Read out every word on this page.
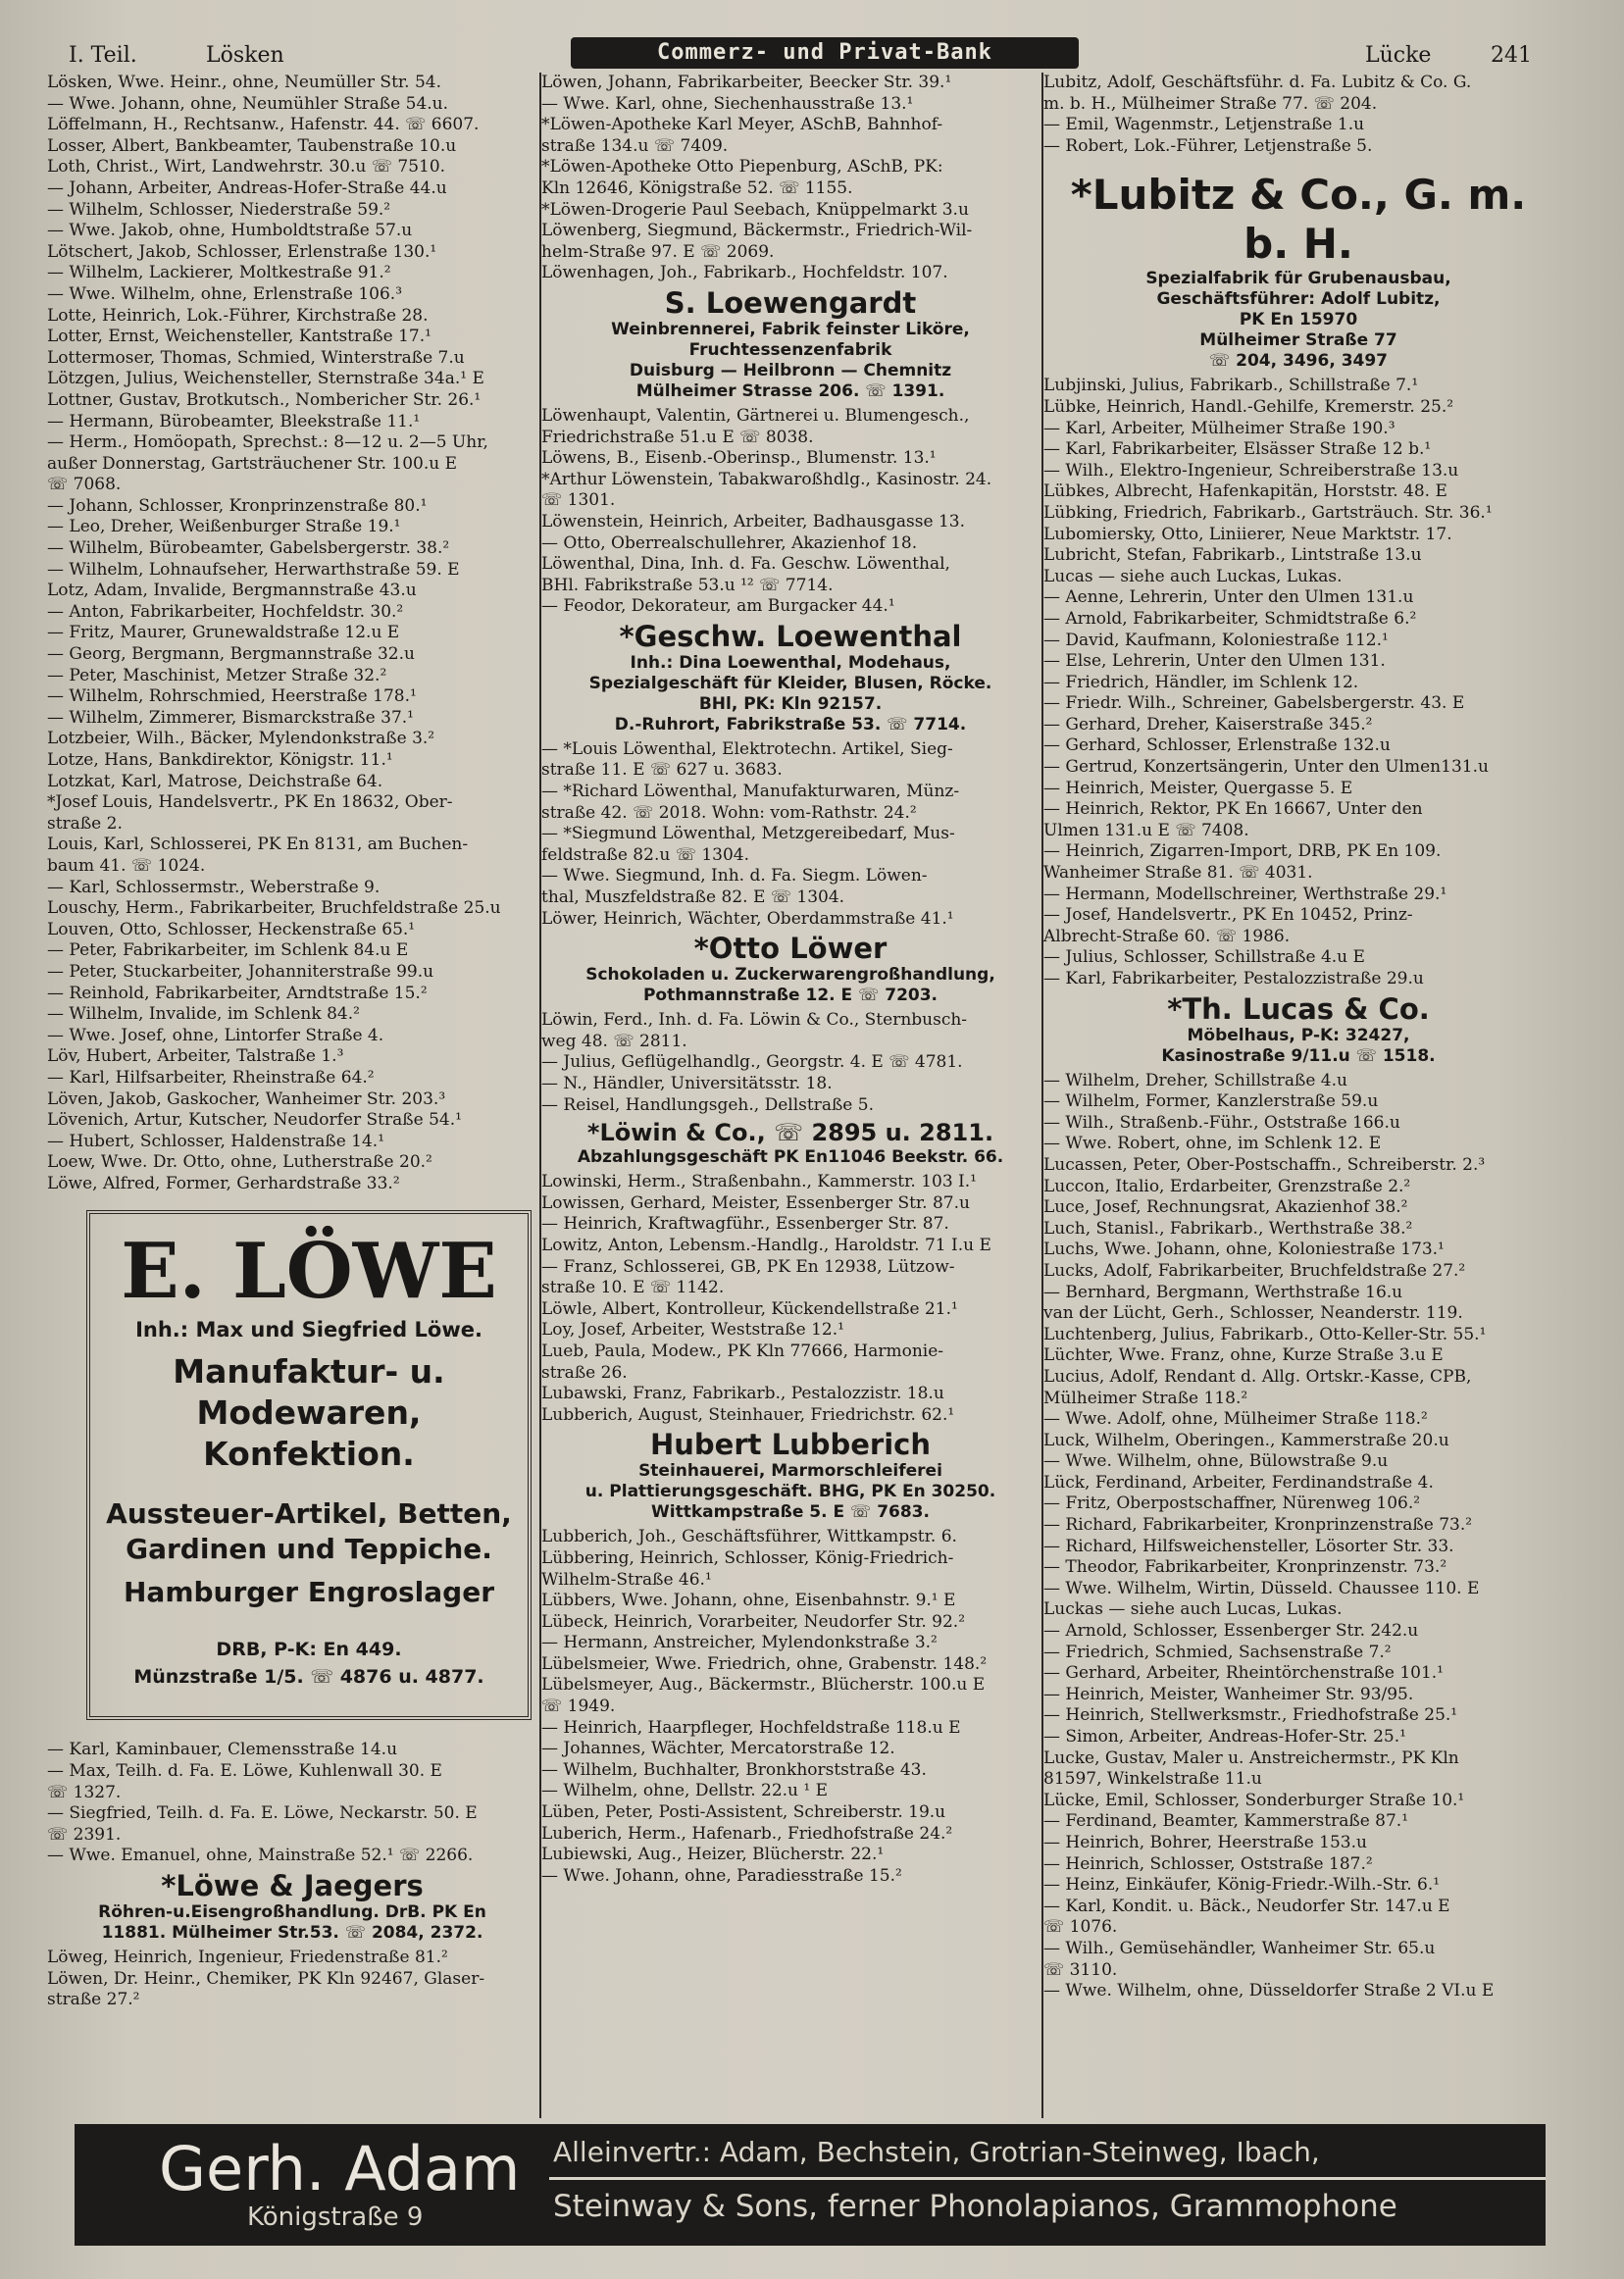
I. Teil.	Lösken	Commerz- und Privat-Bank	Lücke	241
Lösken, Wwe. Heinr., ohne, Neumüller Str. 54.
— Wwe. Johann, ohne, Neumühler Straße 54.u.
Löffelmann, H., Rechtsanw., Hafenstr. 44. ☏ 6607.
Losser, Albert, Bankbeamter, Taubenstraße 10.u
Loth, Christ., Wirt, Landwehrstr. 30.u ☏ 7510.
— Johann, Arbeiter, Andreas-Hofer-Straße 44.u
— Wilhelm, Schlosser, Niederstraße 59.²
— Wwe. Jakob, ohne, Humboldtstraße 57.u
Lötschert, Jakob, Schlosser, Erlenstraße 130.¹
— Wilhelm, Lackierer, Moltkestraße 91.²
— Wwe. Wilhelm, ohne, Erlenstraße 106.³
Lotte, Heinrich, Lok.-Führer, Kirchstraße 28.
Lotter, Ernst, Weichensteller, Kantstraße 17.¹
Lottermoser, Thomas, Schmied, Winterstraße 7.u
Lötzgen, Julius, Weichensteller, Sternstraße 34a.¹ E
Lottner, Gustav, Brotkutsch., Nombericher Str. 26.¹
— Hermann, Bürobeamter, Bleekstraße 11.¹
— Herm., Homöopath, Sprechst.: 8—12 u. 2—5 Uhr,
außer Donnerstag, Gartsträuchener Str. 100.u E
☏ 7068.
— Johann, Schlosser, Kronprinzenstraße 80.¹
— Leo, Dreher, Weißenburger Straße 19.¹
— Wilhelm, Bürobeamter, Gabelsbergerstr. 38.²
— Wilhelm, Lohnaufseher, Herwarthstraße 59. E
Lotz, Adam, Invalide, Bergmannstraße 43.u
— Anton, Fabrikarbeiter, Hochfeldstr. 30.²
— Fritz, Maurer, Grunewaldstraße 12.u E
— Georg, Bergmann, Bergmannstraße 32.u
— Peter, Maschinist, Metzer Straße 32.²
— Wilhelm, Rohrschmied, Heerstraße 178.¹
— Wilhelm, Zimmerer, Bismarckstraße 37.¹
Lotzbeier, Wilh., Bäcker, Mylendonkstraße 3.²
Lotze, Hans, Bankdirektor, Königstr. 11.¹
Lotzkat, Karl, Matrose, Deichstraße 64.
*Josef Louis, Handelsvertr., PK En 18632, Ober-
straße 2.
Louis, Karl, Schlosserei, PK En 8131, am Buchen-
baum 41. ☏ 1024.
— Karl, Schlossermstr., Weberstraße 9.
Louschy, Herm., Fabrikarbeiter, Bruchfeldstraße 25.u
Louven, Otto, Schlosser, Heckenstraße 65.¹
— Peter, Fabrikarbeiter, im Schlenk 84.u E
— Peter, Stuckarbeiter, Johanniterstraße 99.u
— Reinhold, Fabrikarbeiter, Arndtstraße 15.²
— Wilhelm, Invalide, im Schlenk 84.²
— Wwe. Josef, ohne, Lintorfer Straße 4.
Löv, Hubert, Arbeiter, Talstraße 1.³
— Karl, Hilfsarbeiter, Rheinstraße 64.²
Löven, Jakob, Gaskocher, Wanheimer Str. 203.³
Lövenich, Artur, Kutscher, Neudorfer Straße 54.¹
— Hubert, Schlosser, Haldenstraße 14.¹
Loew, Wwe. Dr. Otto, ohne, Lutherstraße 20.²
Löwe, Alfred, Former, Gerhardstraße 33.²
E. LÖWE
Inh.: Max und Siegfried Löwe.
Manufaktur- u. Modewaren,
Konfektion.
Aussteuer-Artikel, Betten,
Gardinen und Teppiche.
Hamburger Engroslager
DRB, P-K: En 449.
Münzstraße 1/5. ☏ 4876 u. 4877.
— Karl, Kaminbauer, Clemensstraße 14.u
— Max, Teilh. d. Fa. E. Löwe, Kuhlenwall 30. E
☏ 1327.
— Siegfried, Teilh. d. Fa. E. Löwe, Neckarstr. 50. E
☏ 2391.
— Wwe. Emanuel, ohne, Mainstraße 52.¹ ☏ 2266.
*Löwe & Jaegers
Röhren-u.Eisengroßhandlung. DrB. PK En
11881. Mülheimer Str.53. ☏ 2084, 2372.
Löweg, Heinrich, Ingenieur, Friedenstraße 81.²
Löwen, Dr. Heinr., Chemiker, PK Kln 92467, Glaser-
straße 27.²
Löwen, Johann, Fabrikarbeiter, Beecker Str. 39.¹
— Wwe. Karl, ohne, Siechenhausstraße 13.¹
*Löwen-Apotheke Karl Meyer, ASchB, Bahnhof-
straße 134.u ☏ 7409.
*Löwen-Apotheke Otto Piepenburg, ASchB, PK:
Kln 12646, Königstraße 52. ☏ 1155.
*Löwen-Drogerie Paul Seebach, Knüppelmarkt 3.u
Löwenberg, Siegmund, Bäckermstr., Friedrich-Wil-
helm-Straße 97. E ☏ 2069.
Löwenhagen, Joh., Fabrikarb., Hochfeldstr. 107.
S. Loewengardt
Weinbrennerei, Fabrik feinster Liköre,
Fruchtessenzenfabrik
Duisburg — Heilbronn — Chemnitz
Mülheimer Strasse 206. ☏ 1391.
Löwenhaupt, Valentin, Gärtnerei u. Blumengesch.,
Friedrichstraße 51.u E ☏ 8038.
Löwens, B., Eisenb.-Oberinsp., Blumenstr. 13.¹
*Arthur Löwenstein, Tabakwaroßhdlg., Kasinostr. 24.
☏ 1301.
Löwenstein, Heinrich, Arbeiter, Badhausgasse 13.
— Otto, Oberrealschullehrer, Akazienhof 18.
Löwenthal, Dina, Inh. d. Fa. Geschw. Löwenthal,
BHl. Fabrikstraße 53.u ¹² ☏ 7714.
— Feodor, Dekorateur, am Burgacker 44.¹
*Geschw. Loewenthal
Inh.: Dina Loewenthal, Modehaus,
Spezialgeschäft für Kleider, Blusen, Röcke.
BHl, PK: Kln 92157.
D.-Ruhrort, Fabrikstraße 53. ☏ 7714.
— *Louis Löwenthal, Elektrotechn. Artikel, Sieg-
straße 11. E ☏ 627 u. 3683.
— *Richard Löwenthal, Manufakturwaren, Münz-
straße 42. ☏ 2018. Wohn: vom-Rathstr. 24.²
— *Siegmund Löwenthal, Metzgereibedarf, Mus-
feldstraße 82.u ☏ 1304.
— Wwe. Siegmund, Inh. d. Fa. Siegm. Löwen-
thal, Muszfeldstraße 82. E ☏ 1304.
Löwer, Heinrich, Wächter, Oberdammstraße 41.¹
*Otto Löwer
Schokoladen u. Zuckerwarengroßhandlung,
Pothmannstraße 12. E ☏ 7203.
Löwin, Ferd., Inh. d. Fa. Löwin & Co., Sternbusch-
weg 48. ☏ 2811.
— Julius, Geflügelhandlg., Georgstr. 4. E ☏ 4781.
— N., Händler, Universitätsstr. 18.
— Reisel, Handlungsgeh., Dellstraße 5.
*Löwin & Co., ☏ 2895 u. 2811.
Abzahlungsgeschäft PK En11046 Beekstr. 66.
Lowinski, Herm., Straßenbahn., Kammerstr. 103 I.¹
Lowissen, Gerhard, Meister, Essenberger Str. 87.u
— Heinrich, Kraftwagführ., Essenberger Str. 87.
Lowitz, Anton, Lebensm.-Handlg., Haroldstr. 71 I.u E
— Franz, Schlosserei, GB, PK En 12938, Lützow-
straße 10. E ☏ 1142.
Löwle, Albert, Kontrolleur, Kückendellstraße 21.¹
Loy, Josef, Arbeiter, Weststraße 12.¹
Lueb, Paula, Modew., PK Kln 77666, Harmonie-
straße 26.
Lubawski, Franz, Fabrikarb., Pestalozzistr. 18.u
Lubberich, August, Steinhauer, Friedrichstr. 62.¹
Hubert Lubberich
Steinhauerei, Marmorschleiferei
u. Plattierungsgeschäft. BHG, PK En 30250.
Wittkampstraße 5. E ☏ 7683.
Lubberich, Joh., Geschäftsführer, Wittkampstr. 6.
Lübbering, Heinrich, Schlosser, König-Friedrich-
Wilhelm-Straße 46.¹
Lübbers, Wwe. Johann, ohne, Eisenbahnstr. 9.¹ E
Lübeck, Heinrich, Vorarbeiter, Neudorfer Str. 92.²
— Hermann, Anstreicher, Mylendonkstraße 3.²
Lübelsmeier, Wwe. Friedrich, ohne, Grabenstr. 148.²
Lübelsmeyer, Aug., Bäckermstr., Blücherstr. 100.u E
☏ 1949.
— Heinrich, Haarpfleger, Hochfeldstraße 118.u E
— Johannes, Wächter, Mercatorstraße 12.
— Wilhelm, Buchhalter, Bronkhorststraße 43.
— Wilhelm, ohne, Dellstr. 22.u ¹ E
Lüben, Peter, Posti-Assistent, Schreiberstr. 19.u
Luberich, Herm., Hafenarb., Friedhofstraße 24.²
Lubiewski, Aug., Heizer, Blücherstr. 22.¹
— Wwe. Johann, ohne, Paradiesstraße 15.²
Lubitz, Adolf, Geschäftsführ. d. Fa. Lubitz & Co. G.
m. b. H., Mülheimer Straße 77. ☏ 204.
— Emil, Wagenmstr., Letjenstraße 1.u
— Robert, Lok.-Führer, Letjenstraße 5.
*Lubitz & Co., G. m. b. H.
Spezialfabrik für Grubenausbau,
Geschäftsführer: Adolf Lubitz,
PK En 15970
Mülheimer Straße 77
☏ 204, 3496, 3497
Lubjinski, Julius, Fabrikarb., Schillstraße 7.¹
Lübke, Heinrich, Handl.-Gehilfe, Kremerstr. 25.²
— Karl, Arbeiter, Mülheimer Straße 190.³
— Karl, Fabrikarbeiter, Elsässer Straße 12 b.¹
— Wilh., Elektro-Ingenieur, Schreiberstraße 13.u
Lübkes, Albrecht, Hafenkapitän, Horststr. 48. E
Lübking, Friedrich, Fabrikarb., Gartsträuch. Str. 36.¹
Lubomiersky, Otto, Liniierer, Neue Marktstr. 17.
Lubricht, Stefan, Fabrikarb., Lintstraße 13.u
Lucas — siehe auch Luckas, Lukas.
— Aenne, Lehrerin, Unter den Ulmen 131.u
— Arnold, Fabrikarbeiter, Schmidtstraße 6.²
— David, Kaufmann, Koloniestraße 112.¹
— Else, Lehrerin, Unter den Ulmen 131.
— Friedrich, Händler, im Schlenk 12.
— Friedr. Wilh., Schreiner, Gabelsbergerstr. 43. E
— Gerhard, Dreher, Kaiserstraße 345.²
— Gerhard, Schlosser, Erlenstraße 132.u
— Gertrud, Konzertsängerin, Unter den Ulmen131.u
— Heinrich, Meister, Quergasse 5. E
— Heinrich, Rektor, PK En 16667, Unter den
Ulmen 131.u E ☏ 7408.
— Heinrich, Zigarren-Import, DRB, PK En 109.
Wanheimer Straße 81. ☏ 4031.
— Hermann, Modellschreiner, Werthstraße 29.¹
— Josef, Handelsvertr., PK En 10452, Prinz-
Albrecht-Straße 60. ☏ 1986.
— Julius, Schlosser, Schillstraße 4.u E
— Karl, Fabrikarbeiter, Pestalozzistraße 29.u
*Th. Lucas & Co.
Möbelhaus, P-K: 32427,
Kasinostraße 9/11.u ☏ 1518.
— Wilhelm, Dreher, Schillstraße 4.u
— Wilhelm, Former, Kanzlerstraße 59.u
— Wilh., Straßenb.-Führ., Oststraße 166.u
— Wwe. Robert, ohne, im Schlenk 12. E
Lucassen, Peter, Ober-Postschaffn., Schreiberstr. 2.³
Luccon, Italio, Erdarbeiter, Grenzstraße 2.²
Luce, Josef, Rechnungsrat, Akazienhof 38.²
Luch, Stanisl., Fabrikarb., Werthstraße 38.²
Luchs, Wwe. Johann, ohne, Koloniestraße 173.¹
Lucks, Adolf, Fabrikarbeiter, Bruchfeldstraße 27.²
— Bernhard, Bergmann, Werthstraße 16.u
van der Lücht, Gerh., Schlosser, Neanderstr. 119.
Luchtenberg, Julius, Fabrikarb., Otto-Keller-Str. 55.¹
Lüchter, Wwe. Franz, ohne, Kurze Straße 3.u E
Lucius, Adolf, Rendant d. Allg. Ortskr.-Kasse, CPB,
Mülheimer Straße 118.²
— Wwe. Adolf, ohne, Mülheimer Straße 118.²
Luck, Wilhelm, Oberingen., Kammerstraße 20.u
— Wwe. Wilhelm, ohne, Bülowstraße 9.u
Lück, Ferdinand, Arbeiter, Ferdinandstraße 4.
— Fritz, Oberpostschaffner, Nürenweg 106.²
— Richard, Fabrikarbeiter, Kronprinzenstraße 73.²
— Richard, Hilfsweichensteller, Lösorter Str. 33.
— Theodor, Fabrikarbeiter, Kronprinzenstr. 73.²
— Wwe. Wilhelm, Wirtin, Düsseld. Chaussee 110. E
Luckas — siehe auch Lucas, Lukas.
— Arnold, Schlosser, Essenberger Str. 242.u
— Friedrich, Schmied, Sachsenstraße 7.²
— Gerhard, Arbeiter, Rheintörchenstraße 101.¹
— Heinrich, Meister, Wanheimer Str. 93/95.
— Heinrich, Stellwerksmstr., Friedhofstraße 25.¹
— Simon, Arbeiter, Andreas-Hofer-Str. 25.¹
Lucke, Gustav, Maler u. Anstreichermstr., PK Kln
81597, Winkelstraße 11.u
Lücke, Emil, Schlosser, Sonderburger Straße 10.¹
— Ferdinand, Beamter, Kammerstraße 87.¹
— Heinrich, Bohrer, Heerstraße 153.u
— Heinrich, Schlosser, Oststraße 187.²
— Heinz, Einkäufer, König-Friedr.-Wilh.-Str. 6.¹
— Karl, Kondit. u. Bäck., Neudorfer Str. 147.u E
☏ 1076.
— Wilh., Gemüsehändler, Wanheimer Str. 65.u
☏ 3110.
— Wwe. Wilhelm, ohne, Düsseldorfer Straße 2 VI.u E
Gerh. Adam
Königstraße 9
Alleinvertr.: Adam, Bechstein, Grotrian-Steinweg, Ibach,
Steinway & Sons, ferner Phonolapianos, Grammophone
